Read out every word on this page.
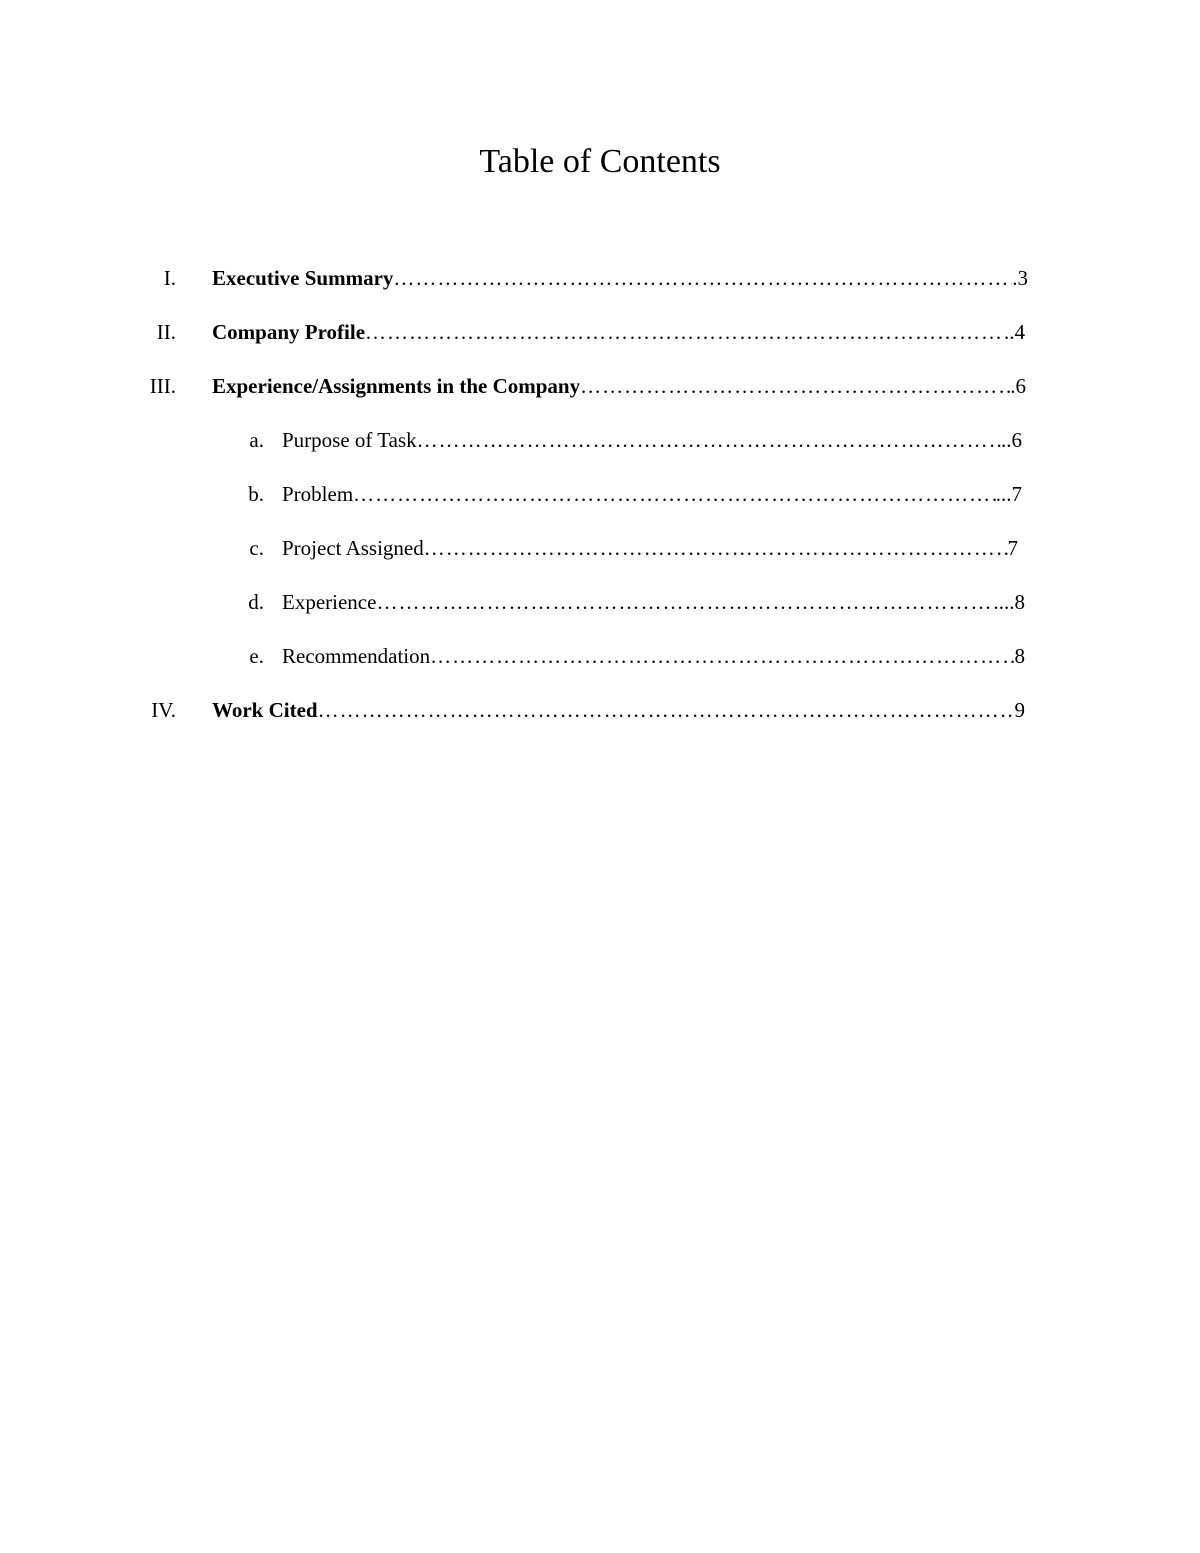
Table of Contents
I. Executive Summary ………………………………………………………………………………………………………………………………………………………………………	.3
II. Company Profile ………………………………………………………………………………………………………………………………………………………………………	..4
III. Experience/Assignments in the Company ………………………………………………………………………………………………………………………………………………………………………	.6
a. Purpose of Task ………………………………………………………………………………………………………………………………………………………………………	..6
b. Problem ………………………………………………………………………………………………………………………………………………………………………	...7
c. Project Assigned ………………………………………………………………………………………………………………………………………………………………………	7
d. Experience ………………………………………………………………………………………………………………………………………………………………………	...8
e. Recommendation ………………………………………………………………………………………………………………………………………………………………………	8
IV. Work Cited ………………………………………………………………………………………………………………………………………………………………………	9
